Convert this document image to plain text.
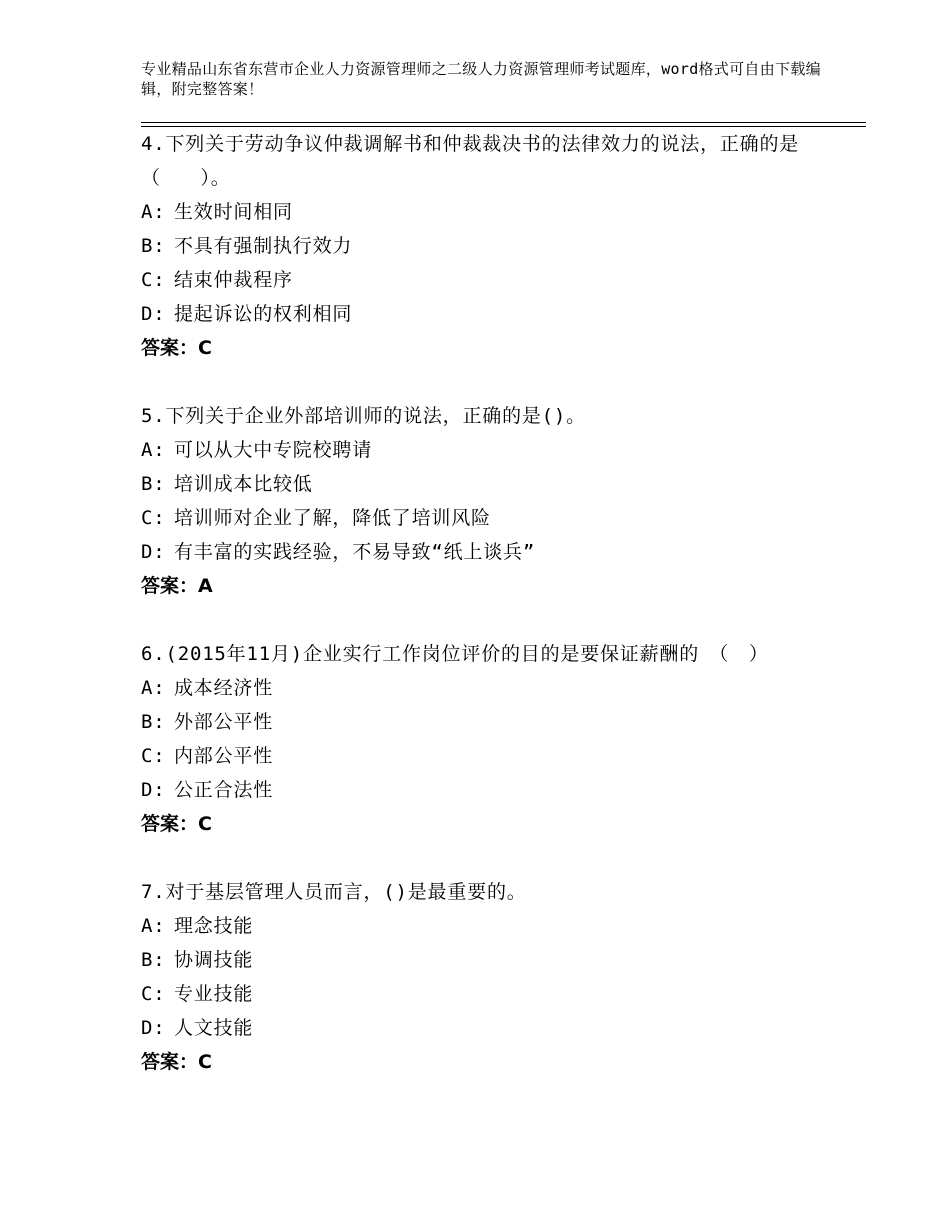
专业精品山东省东营市企业人力资源管理师之二级人力资源管理师考试题库，word格式可自由下载编辑，附完整答案！

4.下列关于劳动争议仲裁调解书和仲裁裁决书的法律效力的说法，正确的是（　　）。

A: 生效时间相同

B: 不具有强制执行效力

C: 结束仲裁程序

D: 提起诉讼的权利相同

答案：C

5.下列关于企业外部培训师的说法，正确的是()。

A: 可以从大中专院校聘请

B: 培训成本比较低

C: 培训师对企业了解，降低了培训风险

D: 有丰富的实践经验，不易导致“纸上谈兵”

答案：A

6.(2015年11月)企业实行工作岗位评价的目的是要保证薪酬的　（　）

A: 成本经济性

B: 外部公平性

C: 内部公平性

D: 公正合法性

答案：C

7.对于基层管理人员而言，()是最重要的。

A: 理念技能

B: 协调技能

C: 专业技能

D: 人文技能

答案：C
